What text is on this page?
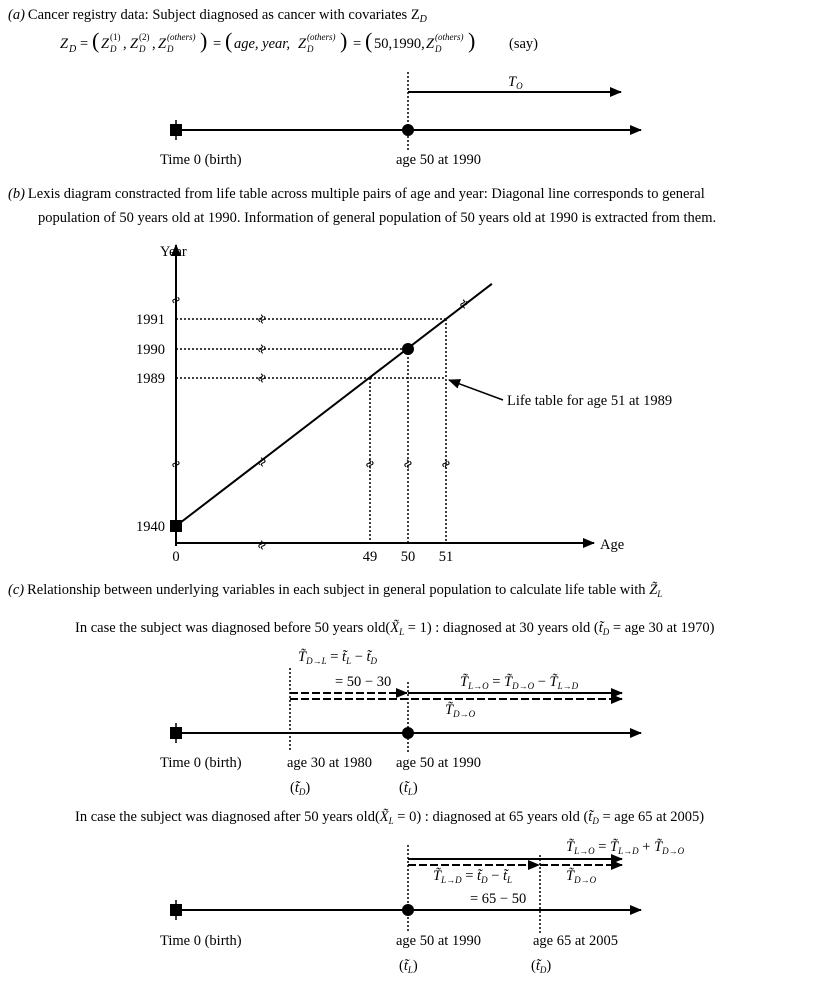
(a) Cancer registry data: Subject diagnosed as cancer with covariates $Z_D$
Z D = ( Z D
(1) , Z D
(2) , Z D
(others) ) = ( age, year, Z D
(others) ) = ( 50,1990, Z D
(others) ) (say)
$T_O$
Time 0 (birth)	age 50 at 1990
(b) Lexis diagram constracted from life table across multiple pairs of age and year: Diagonal line corresponds to general
population of 50 years old at 1990. Information of general population of 50 years old at 1990 is extracted from them.
Year
Age
1940
1989
1990
1991
0	49 50 51
≈
≈
≈
≈
≈
≈
≈	≈ ≈ ≈
≈
Life table for age 51 at 1989
(c) Relationship between underlying variables in each subject in general population to calculate life table with $Z̃_L$
In case the subject was diagnosed before 50 years $old(X̃_L = 1)$ : diagnosed at 30 years old ($t̃_D$ = age 30 at 1970)
$T̃_{D\to L}$ = $t̃_L$ − $t̃_D$
= 50 − 30	$T̃_{L\to O}$ = $T̃_{D\to O}$ − $T̃_{L\to D}$
$T̃_{D\to O}$
Time 0 (birth)	age 30 at 1980 age 50 at 1990
$(t̃_D)$	$(t̃_L)$
In case the subject was diagnosed after 50 years $old(X̃_L = 0)$ : diagnosed at 65 years old ($t̃_D$ = age 65 at 2005)
$T̃_{L\to O}$ = $T̃_{L\to D}$ + $T̃_{D\to O}$
$T̃_{L\to D}$ = $t̃_D$ − $t̃_L$
= 65 − 50
$T̃_{D\to O}$
Time 0 (birth)	age 50 at 1990	age 65 at 2005
$(t̃_L)$	$(t̃_D)$
